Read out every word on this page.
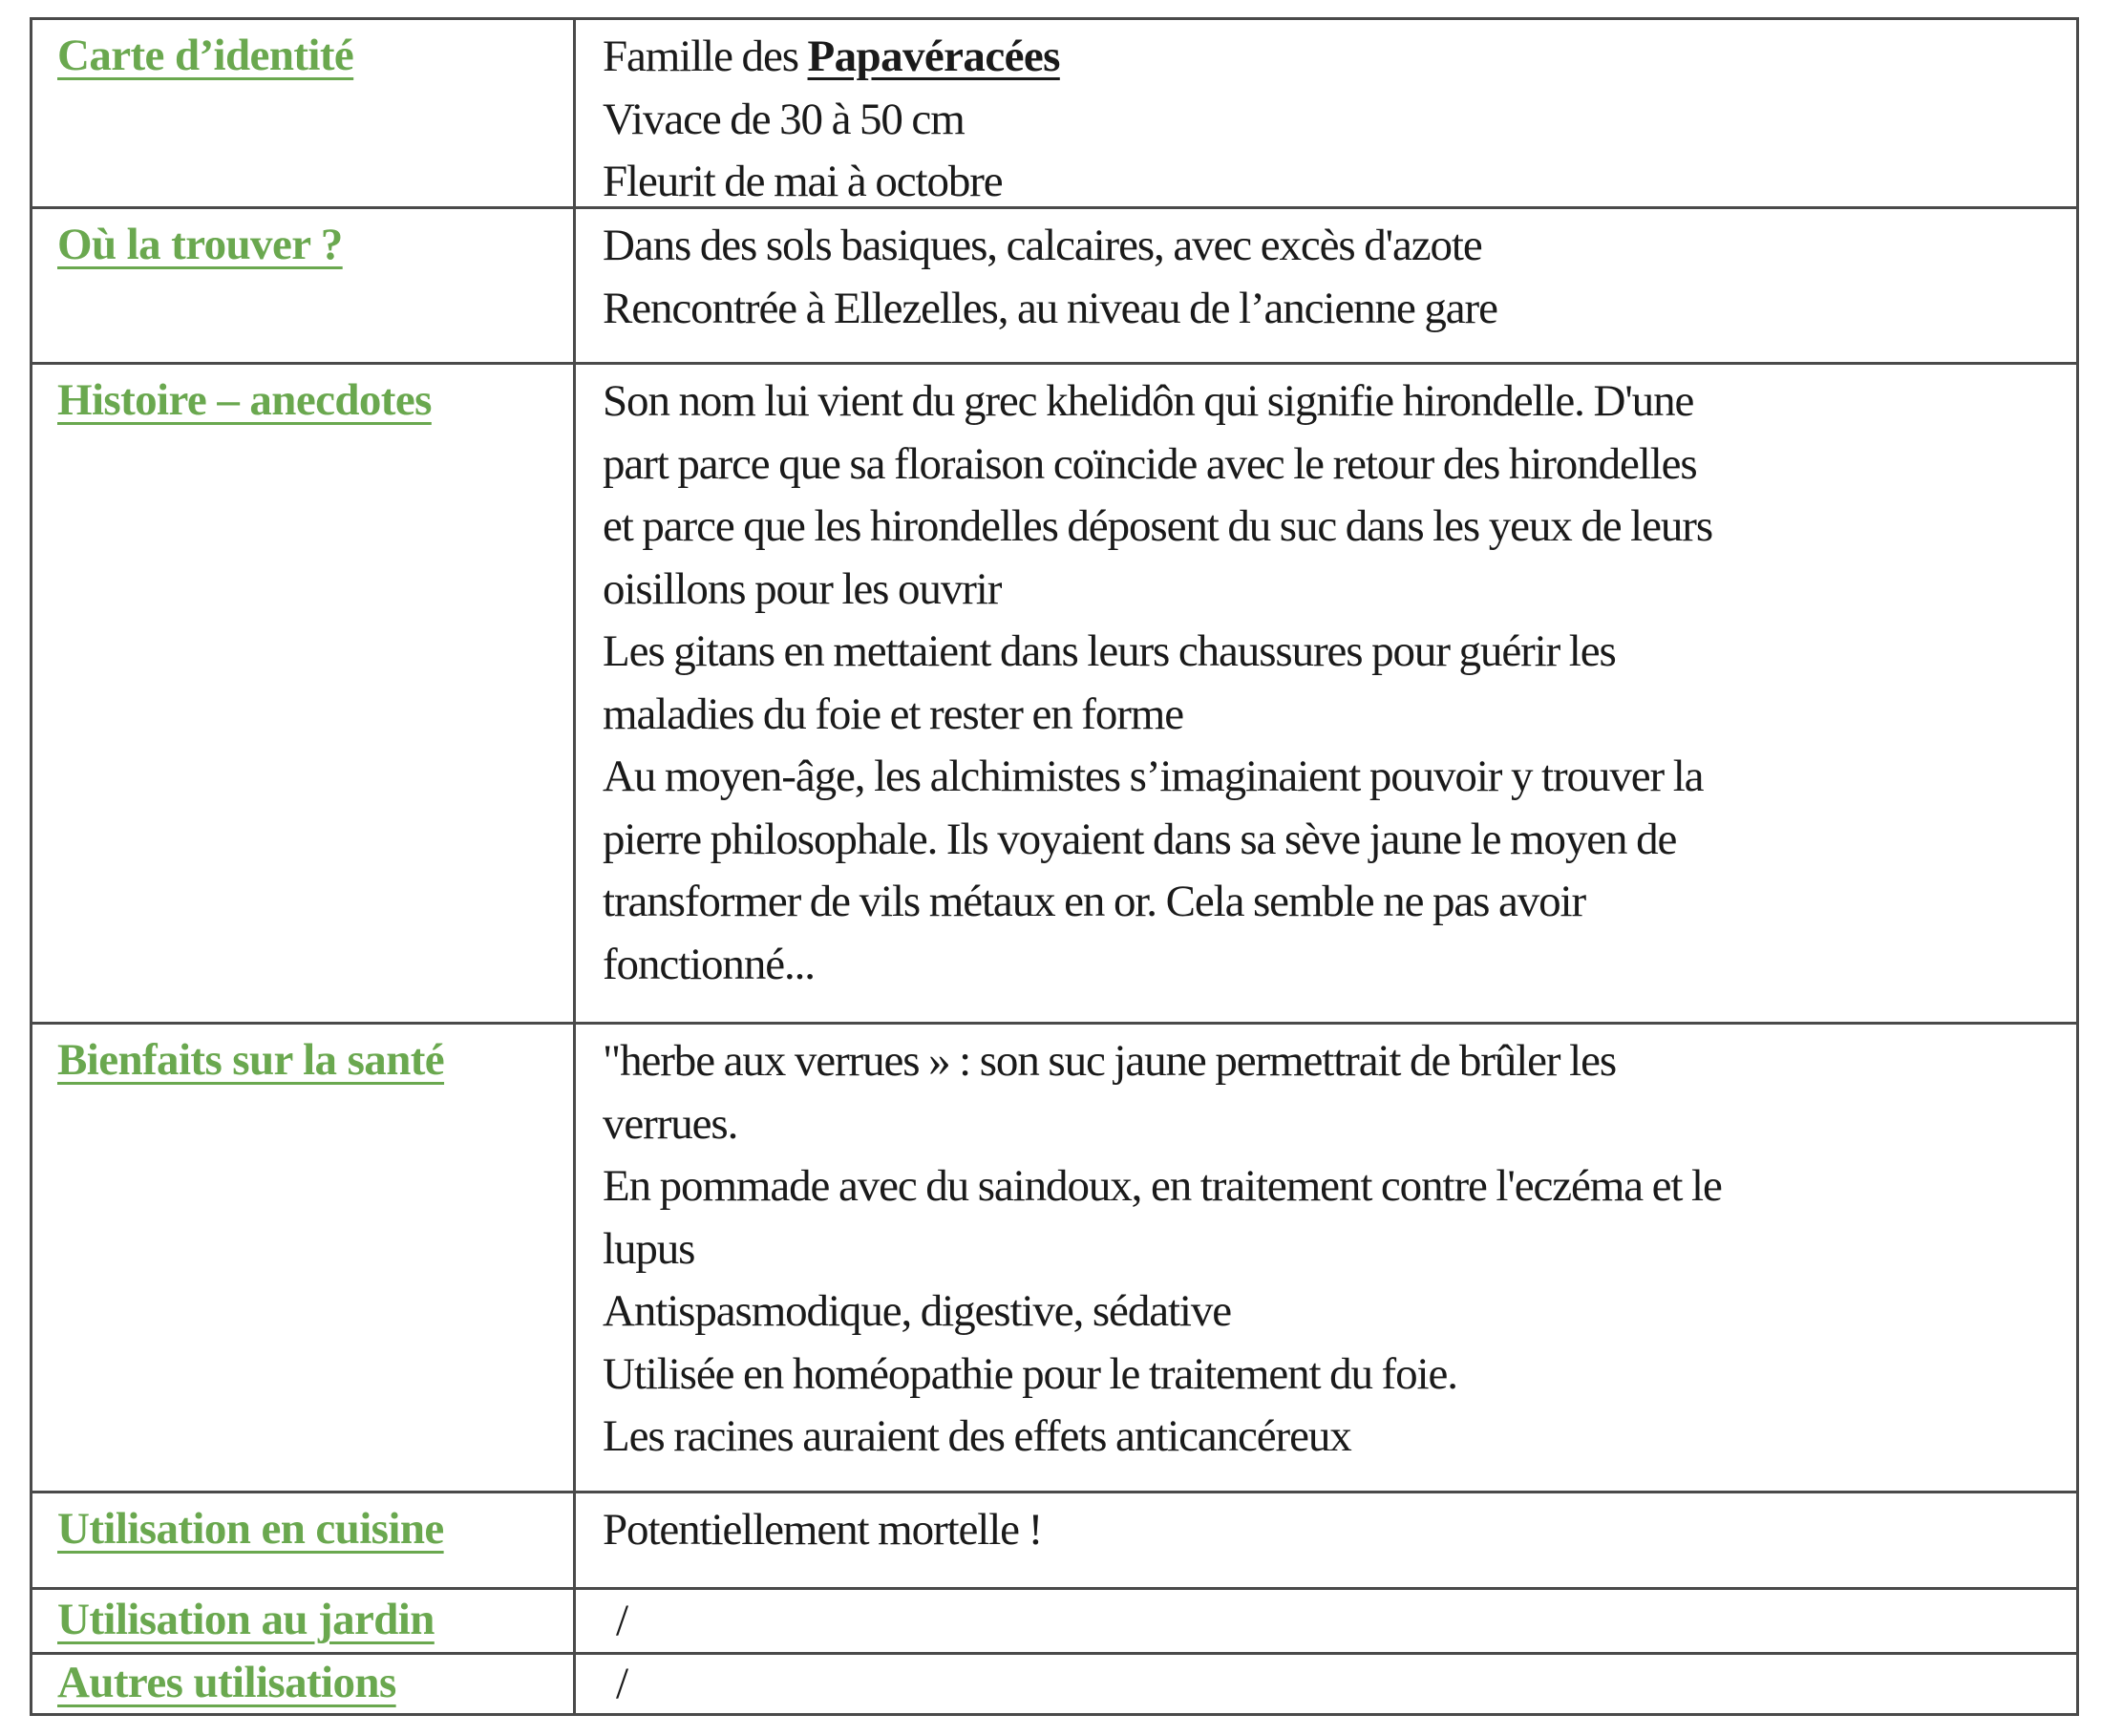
Carte d’identité	Famille des Papavéracées
Vivace de 30 à 50 cm
Fleurit de mai à octobre
Où la trouver ?	Dans des sols basiques, calcaires, avec excès d'azote
Rencontrée à Ellezelles, au niveau de l’ancienne gare
Histoire – anecdotes	Son nom lui vient du grec khelidôn qui signifie hirondelle. D'une
part parce que sa floraison coïncide avec le retour des hirondelles
et parce que les hirondelles déposent du suc dans les yeux de leurs
oisillons pour les ouvrir
Les gitans en mettaient dans leurs chaussures pour guérir les
maladies du foie et rester en forme
Au moyen-âge, les alchimistes s’imaginaient pouvoir y trouver la
pierre philosophale. Ils voyaient dans sa sève jaune le moyen de
transformer de vils métaux en or. Cela semble ne pas avoir
fonctionné...
Bienfaits sur la santé	"herbe aux verrues » : son suc jaune permettrait de brûler les
verrues.
En pommade avec du saindoux, en traitement contre l'eczéma et le
lupus
Antispasmodique, digestive, sédative
Utilisée en homéopathie pour le traitement du foie.
Les racines auraient des effets anticancéreux
Utilisation en cuisine	Potentiellement mortelle !
Utilisation au jardin	/
Autres utilisations	/
